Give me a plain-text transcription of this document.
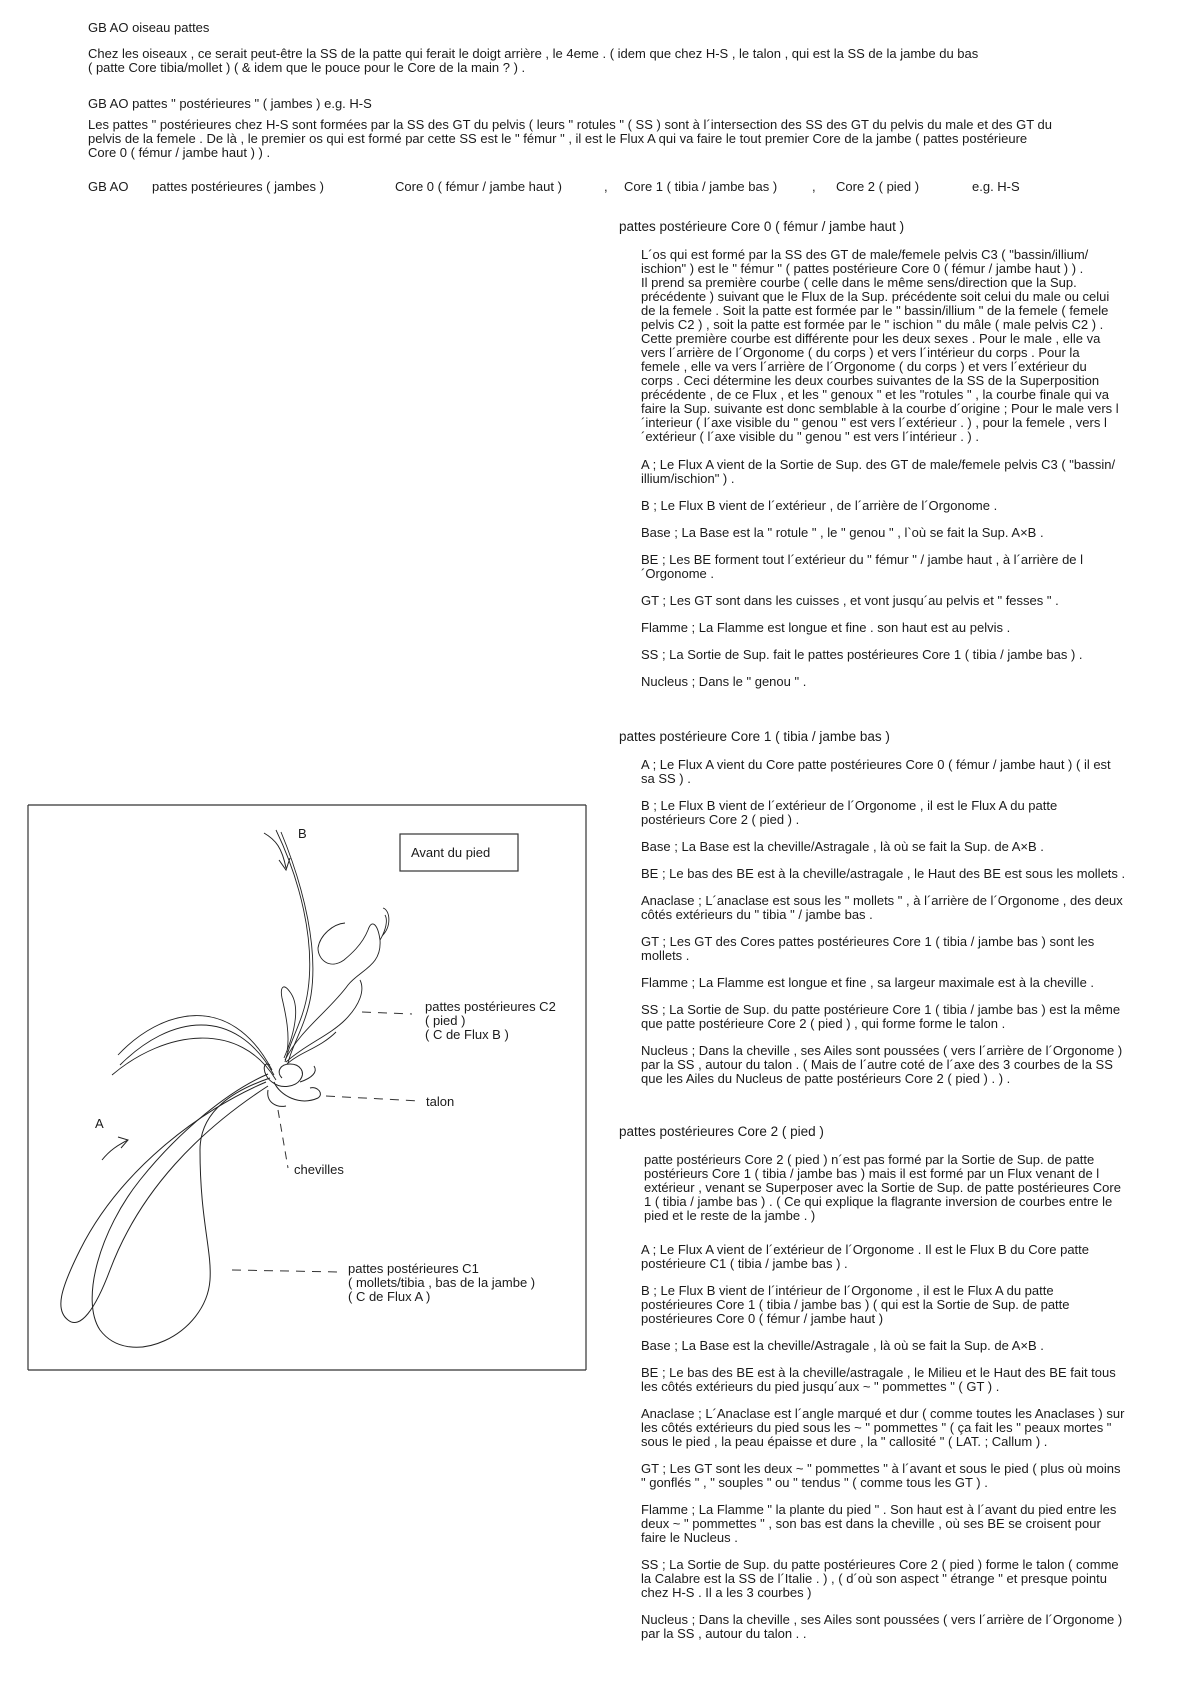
GB AO oiseau pattes
Chez les oiseaux , ce serait peut-être la SS de la patte qui ferait le doigt arrière , le 4eme . ( idem que chez H-S , le talon , qui est la SS de la jambe du bas
( patte Core tibia/mollet ) ( & idem que le pouce pour le Core de la main ? ) .
GB AO pattes " postérieures " ( jambes ) e.g. H-S
Les pattes " postérieures chez H-S sont formées par la SS des GT du pelvis ( leurs " rotules " ( SS ) sont à l´intersection des SS des GT du pelvis du male et des GT du
pelvis de la femele . De là , le premier os qui est formé par cette SS est le " fémur " , il est le Flux A qui va faire le tout premier Core de la jambe ( pattes postérieure
Core 0 ( fémur / jambe haut ) ) .
GB AO pattes postérieures ( jambes )	Core 0 ( fémur / jambe haut )	, Core 1 ( tibia / jambe bas )	, Core 2 ( pied )	e.g. H-S
pattes postérieure Core 0 ( fémur / jambe haut )
L´os qui est formé par la SS des GT de male/femele pelvis C3 ( "bassin/illium/
ischion" ) est le " fémur " ( pattes postérieure Core 0 ( fémur / jambe haut ) ) .
Il prend sa première courbe ( celle dans le même sens/direction que la Sup.
précédente ) suivant que le Flux de la Sup. précédente soit celui du male ou celui
de la femele . Soit la patte est formée par le " bassin/illium " de la femele ( femele
pelvis C2 ) , soit la patte est formée par le " ischion " du mâle ( male pelvis C2 ) .
Cette première courbe est différente pour les deux sexes . Pour le male , elle va
vers l´arrière de l´Orgonome ( du corps ) et vers l´intérieur du corps . Pour la
femele , elle va vers l´arrière de l´Orgonome ( du corps ) et vers l´extérieur du
corps . Ceci détermine les deux courbes suivantes de la SS de la Superposition
précédente , de ce Flux , et les " genoux " et les "rotules " , la courbe finale qui va
faire la Sup. suivante est donc semblable à la courbe d´origine ; Pour le male vers l
´interieur ( l´axe visible du " genou " est vers l´extérieur . ) , pour la femele , vers l
´extérieur ( l´axe visible du " genou " est vers l´intérieur . ) .
A ; Le Flux A vient de la Sortie de Sup. des GT de male/femele pelvis C3 ( "bassin/
illium/ischion" ) .
B ; Le Flux B vient de l´extérieur , de l´arrière de l´Orgonome .
Base ; La Base est la " rotule " , le " genou " , l`où se fait la Sup. A×B .
BE ; Les BE forment tout l´extérieur du " fémur " / jambe haut , à l´arrière de l
´Orgonome .
GT ; Les GT sont dans les cuisses , et vont jusqu´au pelvis et " fesses " .
Flamme ; La Flamme est longue et fine . son haut est au pelvis .
SS ; La Sortie de Sup. fait le pattes postérieures Core 1 ( tibia / jambe bas ) .
Nucleus ; Dans le " genou " .
pattes postérieure Core 1 ( tibia / jambe bas )
A ; Le Flux A vient du Core patte postérieures Core 0 ( fémur / jambe haut ) ( il est
sa SS ) .
B ; Le Flux B vient de l´extérieur de l´Orgonome , il est le Flux A du patte
postérieurs Core 2 ( pied ) .
Base ; La Base est la cheville/Astragale , là où se fait la Sup. de A×B .
BE ; Le bas des BE est à la cheville/astragale , le Haut des BE est sous les mollets .
Anaclase ; L´anaclase est sous les " mollets " , à l´arrière de l´Orgonome , des deux
côtés extérieurs du " tibia " / jambe bas .
GT ; Les GT des Cores pattes postérieures Core 1 ( tibia / jambe bas ) sont les
mollets .
Flamme ; La Flamme est longue et fine , sa largeur maximale est à la cheville .
SS ; La Sortie de Sup. du patte postérieure Core 1 ( tibia / jambe bas ) est la même
que patte postérieure Core 2 ( pied ) , qui forme forme le talon .
Nucleus ; Dans la cheville , ses Ailes sont poussées ( vers l´arrière de l´Orgonome )
par la SS , autour du talon . ( Mais de l´autre coté de l´axe des 3 courbes de la SS
que les Ailes du Nucleus de patte postérieurs Core 2 ( pied ) . ) .
pattes postérieures Core 2 ( pied )
patte postérieurs Core 2 ( pied ) n´est pas formé par la Sortie de Sup. de patte
postérieurs Core 1 ( tibia / jambe bas ) mais il est formé par un Flux venant de l
extérieur , venant se Superposer avec la Sortie de Sup. de patte postérieures Core
1 ( tibia / jambe bas ) . ( Ce qui explique la flagrante inversion de courbes entre le
pied et le reste de la jambe . )
A ; Le Flux A vient de l´extérieur de l´Orgonome . Il est le Flux B du Core patte
postérieure C1 ( tibia / jambe bas ) .
B ; Le Flux B vient de l´intérieur de l´Orgonome , il est le Flux A du patte
postérieures Core 1 ( tibia / jambe bas ) ( qui est la Sortie de Sup. de patte
postérieures Core 0 ( fémur / jambe haut )
Base ; La Base est la cheville/Astragale , là où se fait la Sup. de A×B .
BE ; Le bas des BE est à la cheville/astragale , le Milieu et le Haut des BE fait tous
les côtés extérieurs du pied jusqu´aux ~ " pommettes " ( GT ) .
Anaclase ; L´Anaclase est l´angle marqué et dur ( comme toutes les Anaclases ) sur
les côtés extérieurs du pied sous les ~ " pommettes " ( ça fait les " peaux mortes "
sous le pied , la peau épaisse et dure , la " callosité " ( LAT. ; Callum ) .
GT ; Les GT sont les deux ~ " pommettes " à l´avant et sous le pied ( plus où moins
" gonflés " , " souples " ou " tendus " ( comme tous les GT ) .
Flamme ; La Flamme " la plante du pied " . Son haut est à l´avant du pied entre les
deux ~ " pommettes " , son bas est dans la cheville , où ses BE se croisent pour
faire le Nucleus .
SS ; La Sortie de Sup. du patte postérieures Core 2 ( pied ) forme le talon ( comme
la Calabre est la SS de l´Italie . ) , ( d´où son aspect " étrange " et presque pointu
chez H-S . Il a les 3 courbes )
Nucleus ; Dans la cheville , ses Ailes sont poussées ( vers l´arrière de l´Orgonome )
par la SS , autour du talon . .
Avant du pied
B
A
pattes postérieures C2 ( pied ) ( C de Flux B )
talon
chevilles
pattes postérieures C1 ( mollets/tibia , bas de la jambe ) ( C de Flux A )
